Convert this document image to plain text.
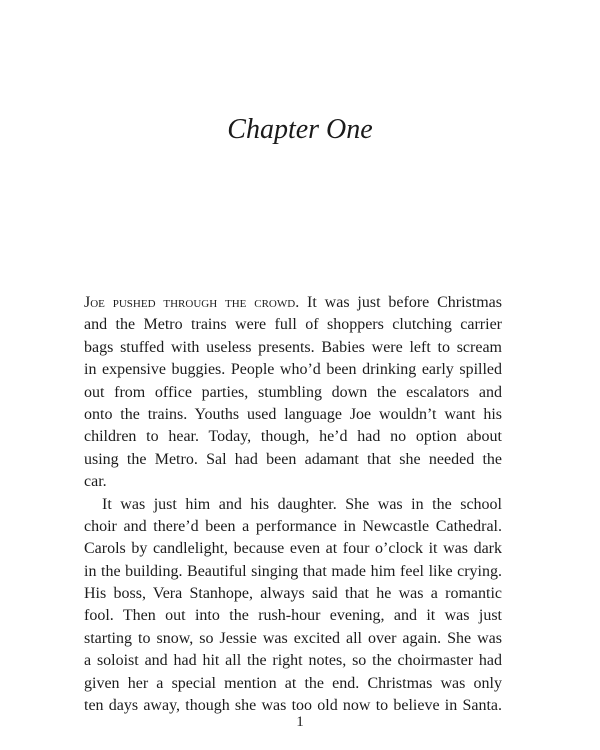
Chapter One
Joe pushed through the crowd. It was just before Christmas
and the Metro trains were full of shoppers clutching carrier
bags stuffed with useless presents. Babies were left to scream
in expensive buggies. People who’d been drinking early spilled
out from office parties, stumbling down the escalators and
onto the trains. Youths used language Joe wouldn’t want his
children to hear. Today, though, he’d had no option about
using the Metro. Sal had been adamant that she needed the
car.
It was just him and his daughter. She was in the school
choir and there’d been a performance in Newcastle Cathedral.
Carols by candlelight, because even at four o’clock it was dark
in the building. Beautiful singing that made him feel like crying.
His boss, Vera Stanhope, always said that he was a romantic
fool. Then out into the rush-hour evening, and it was just
starting to snow, so Jessie was excited all over again. She was
a soloist and had hit all the right notes, so the choirmaster had
given her a special mention at the end. Christmas was only
ten days away, though she was too old now to believe in Santa.
1
